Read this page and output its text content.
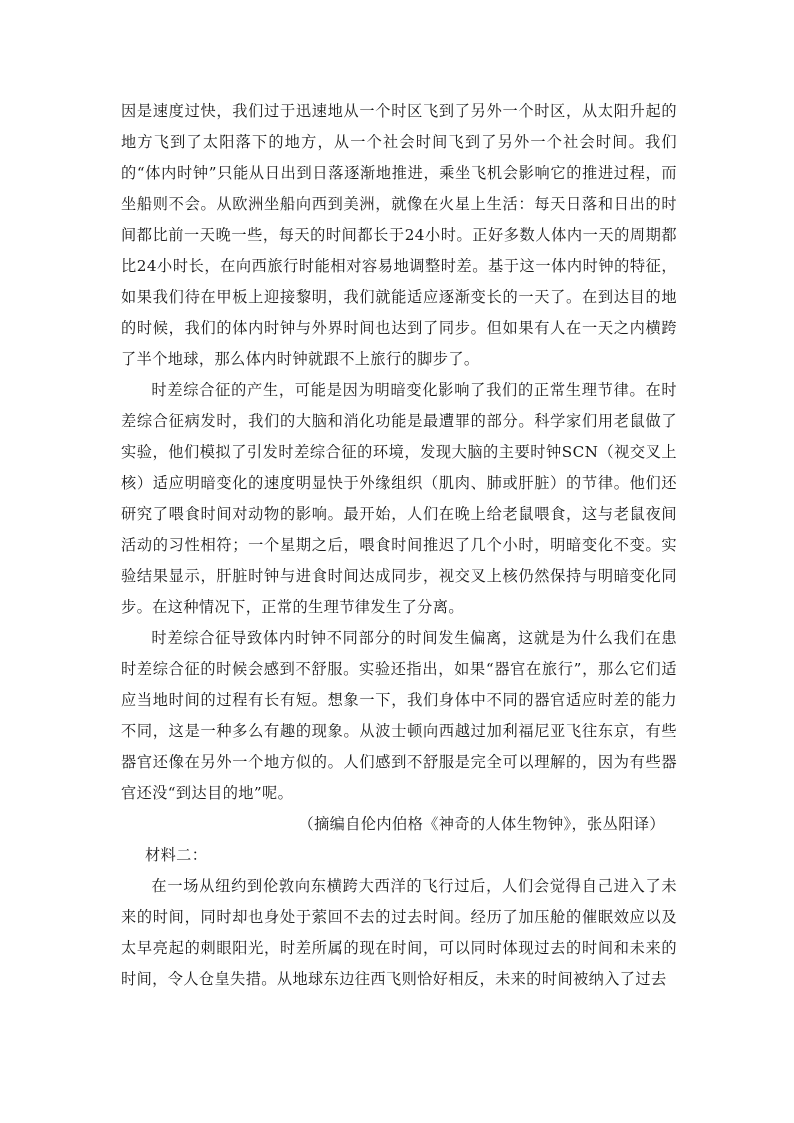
因是速度过快，我们过于迅速地从一个时区飞到了另外一个时区，从太阳升起的地方飞到了太阳落下的地方，从一个社会时间飞到了另外一个社会时间。我们的“体内时钟”只能从日出到日落逐渐地推进，乘坐飞机会影响它的推进过程，而坐船则不会。从欧洲坐船向西到美洲，就像在火星上生活：每天日落和日出的时间都比前一天晚一些，每天的时间都长于24小时。正好多数人体内一天的周期都比24小时长，在向西旅行时能相对容易地调整时差。基于这一体内时钟的特征，如果我们待在甲板上迎接黎明，我们就能适应逐渐变长的一天了。在到达目的地的时候，我们的体内时钟与外界时间也达到了同步。但如果有人在一天之内横跨了半个地球，那么体内时钟就跟不上旅行的脚步了。

时差综合征的产生，可能是因为明暗变化影响了我们的正常生理节律。在时差综合征病发时，我们的大脑和消化功能是最遭罪的部分。科学家们用老鼠做了实验，他们模拟了引发时差综合征的环境，发现大脑的主要时钟SCN（视交叉上核）适应明暗变化的速度明显快于外缘组织（肌肉、肺或肝脏）的节律。他们还研究了喂食时间对动物的影响。最开始，人们在晚上给老鼠喂食，这与老鼠夜间活动的习性相符；一个星期之后，喂食时间推迟了几个小时，明暗变化不变。实验结果显示，肝脏时钟与进食时间达成同步，视交叉上核仍然保持与明暗变化同步。在这种情况下，正常的生理节律发生了分离。

时差综合征导致体内时钟不同部分的时间发生偏离，这就是为什么我们在患时差综合征的时候会感到不舒服。实验还指出，如果“器官在旅行”，那么它们适应当地时间的过程有长有短。想象一下，我们身体中不同的器官适应时差的能力不同，这是一种多么有趣的现象。从波士顿向西越过加利福尼亚飞往东京，有些器官还像在另外一个地方似的。人们感到不舒服是完全可以理解的，因为有些器官还没“到达目的地”呢。

（摘编自伦内伯格《神奇的人体生物钟》，张丛阳译）

材料二：

在一场从纽约到伦敦向东横跨大西洋的飞行过后，人们会觉得自己进入了未来的时间，同时却也身处于萦回不去的过去时间。经历了加压舱的催眠效应以及太早亮起的刺眼阳光，时差所属的现在时间，可以同时体现过去的时间和未来的时间，令人仓皇失措。从地球东边往西飞则恰好相反，未来的时间被纳入了过去
